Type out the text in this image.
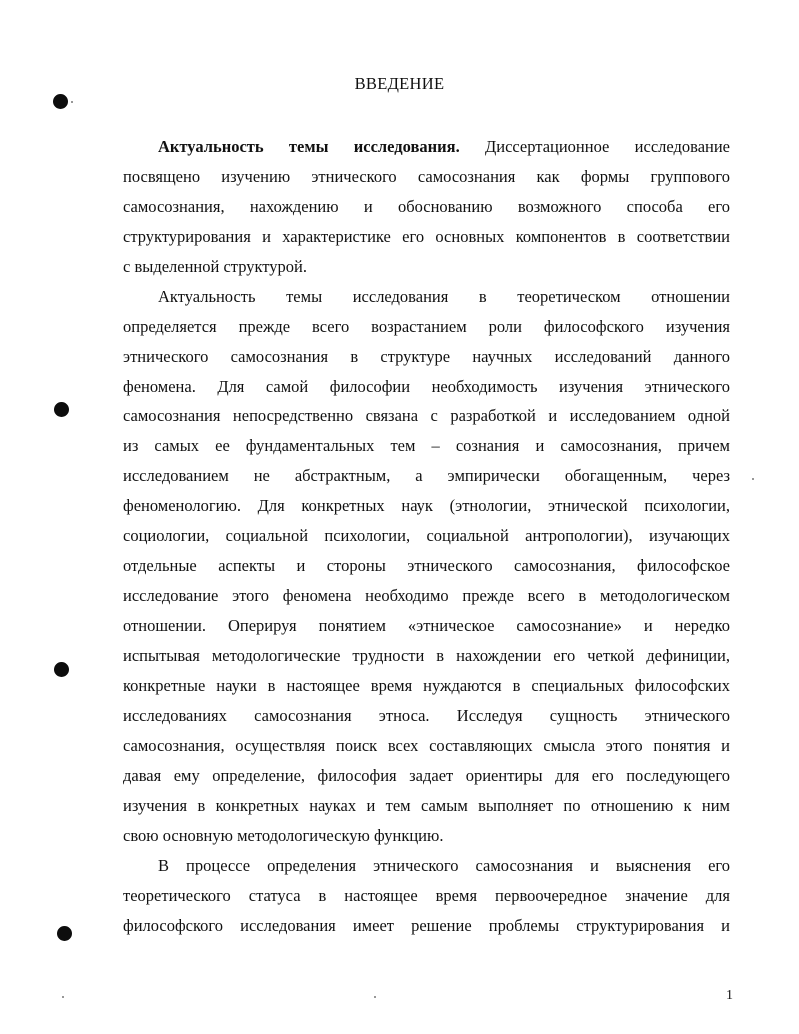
ВВЕДЕНИЕ
Актуальность темы исследования. Диссертационное исследование
посвящено изучению этнического самосознания как формы группового
самосознания, нахождению и обоснованию возможного способа его
структурирования и характеристике его основных компонентов в соответствии
с выделенной структурой.
Актуальность темы исследования в теоретическом отношении
определяется прежде всего возрастанием роли философского изучения
этнического самосознания в структуре научных исследований данного
феномена. Для самой философии необходимость изучения этнического
самосознания непосредственно связана с разработкой и исследованием одной
из самых ее фундаментальных тем – сознания и самосознания, причем
исследованием не абстрактным, а эмпирически обогащенным, через
феноменологию. Для конкретных наук (этнологии, этнической психологии,
социологии, социальной психологии, социальной антропологии), изучающих
отдельные аспекты и стороны этнического самосознания, философское
исследование этого феномена необходимо прежде всего в методологическом
отношении. Оперируя понятием «этническое самосознание» и нередко
испытывая методологические трудности в нахождении его четкой дефиниции,
конкретные науки в настоящее время нуждаются в специальных философских
исследованиях самосознания этноса. Исследуя сущность этнического
самосознания, осуществляя поиск всех составляющих смысла этого понятия и
давая ему определение, философия задает ориентиры для его последующего
изучения в конкретных науках и тем самым выполняет по отношению к ним
свою основную методологическую функцию.
В процессе определения этнического самосознания и выяснения его
теоретического статуса в настоящее время первоочередное значение для
философского исследования имеет решение проблемы структурирования и
1
